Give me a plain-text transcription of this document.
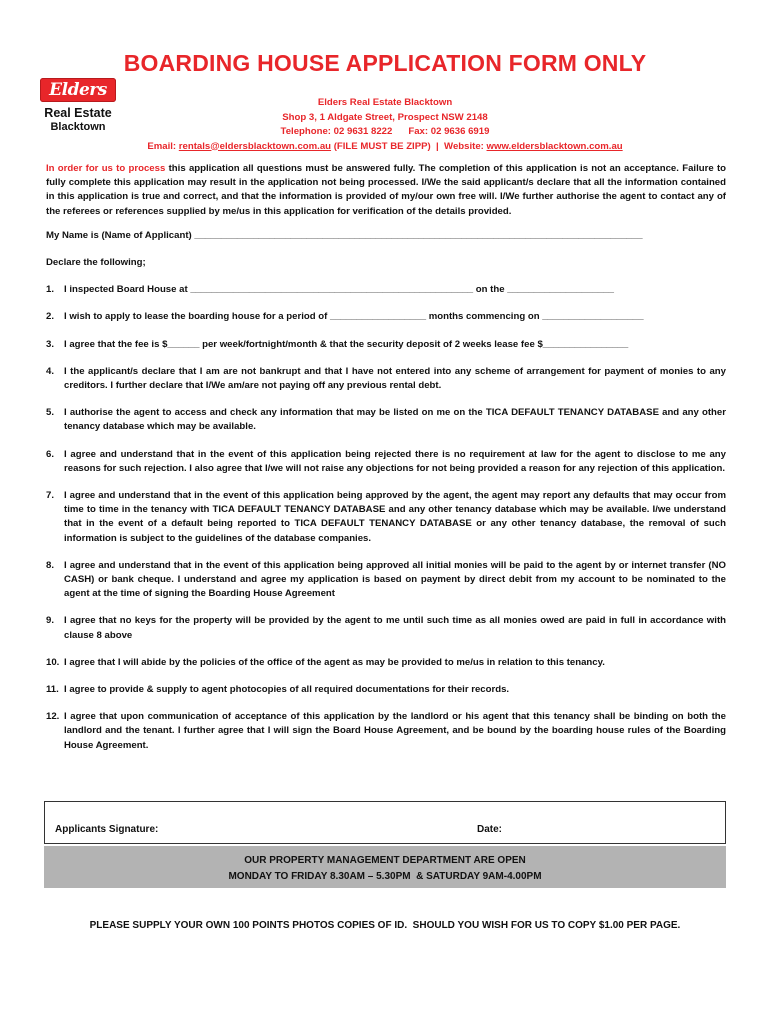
BOARDING HOUSE APPLICATION FORM ONLY
Elders
Real Estate
Blacktown
Elders Real Estate Blacktown
Shop 3, 1 Aldgate Street, Prospect NSW 2148
Telephone: 02 9631 8222      Fax: 02 9636 6919
Email: rentals@eldersblacktown.com.au (FILE MUST BE ZIPP)  |  Website: www.eldersblacktown.com.au

In order for us to process this application all questions must be answered fully. The completion of this application is not an acceptance. Failure to fully complete this application may result in the application not being processed. I/We the said applicant/s declare that all the information contained in this application is true and correct, and that the information is provided of my/our own free will. I/We further authorise the agent to contact any of the referees or references supplied by me/us in this application for verification of the details provided.

My Name is (Name of Applicant) ____________________________________________________________________________________
Declare the following;
1.	I inspected Board House at _____________________________________________________ on the ____________________
2.	I wish to apply to lease the boarding house for a period of __________________ months commencing on ___________________
3.	I agree that the fee is $______ per week/fortnight/month & that the security deposit of 2 weeks lease fee $________________
4.	I the applicant/s declare that I am are not bankrupt and that I have not entered into any scheme of arrangement for payment of monies to any creditors. I further declare that I/We am/are not paying off any previous rental debt.
5.	I authorise the agent to access and check any information that may be listed on me on the TICA DEFAULT TENANCY DATABASE and any other tenancy database which may be available.
6.	I agree and understand that in the event of this application being rejected there is no requirement at law for the agent to disclose to me any reasons for such rejection. I also agree that I/we will not raise any objections for not being provided a reason for any rejection of this application.
7.	I agree and understand that in the event of this application being approved by the agent, the agent may report any defaults that may occur from time to time in the tenancy with TICA DEFAULT TENANCY DATABASE and any other tenancy database which may be available. I/we understand that in the event of a default being reported to TICA DEFAULT TENANCY DATABASE or any other tenancy database, the removal of such information is subject to the guidelines of the database companies.
8.	I agree and understand that in the event of this application being approved all initial monies will be paid to the agent by or internet transfer (NO CASH) or bank cheque. I understand and agree my application is based on payment by direct debit from my account to be nominated to the agent at the time of signing the Boarding House Agreement
9.	I agree that no keys for the property will be provided by the agent to me until such time as all monies owed are paid in full in accordance with clause 8 above
10. I agree that I will abide by the policies of the office of the agent as may be provided to me/us in relation to this tenancy.
11. I agree to provide & supply to agent photocopies of all required documentations for their records.
12. I agree that upon communication of acceptance of this application by the landlord or his agent that this tenancy shall be binding on both the landlord and the tenant. I further agree that I will sign the Board House Agreement, and be bound by the boarding house rules of the Boarding House Agreement.
Applicants Signature:	Date:
OUR PROPERTY MANAGEMENT DEPARTMENT ARE OPEN
MONDAY TO FRIDAY 8.30AM – 5.30PM  & SATURDAY 9AM-4.00PM
PLEASE SUPPLY YOUR OWN 100 POINTS PHOTOS COPIES OF ID.  SHOULD YOU WISH FOR US TO COPY $1.00 PER PAGE.
